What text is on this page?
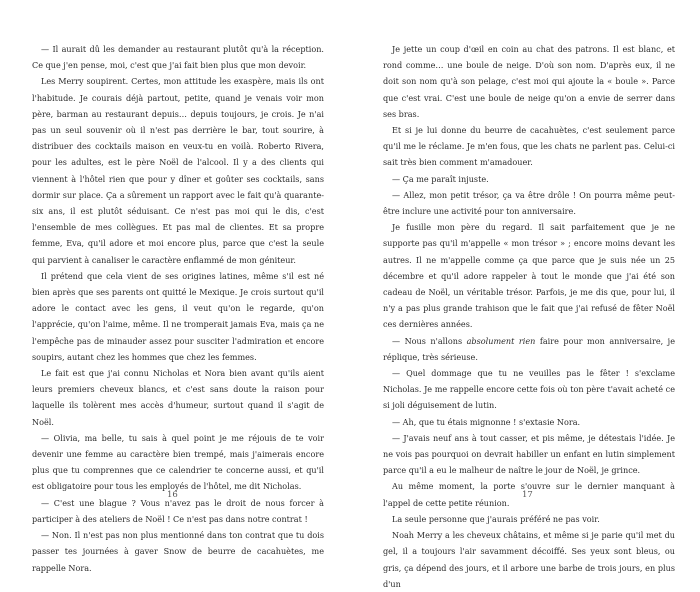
— Il aurait dû les demander au restaurant plutôt qu'à la réception. Ce que j'en pense, moi, c'est que j'ai fait bien plus que mon devoir.

Les Merry soupirent. Certes, mon attitude les exaspère, mais ils ont l'habitude. Je courais déjà partout, petite, quand je venais voir mon père, barman au restaurant depuis… depuis toujours, je crois. Je n'ai pas un seul souvenir où il n'est pas derrière le bar, tout sourire, à distribuer des cocktails maison en veux-tu en voilà. Roberto Rivera, pour les adultes, est le père Noël de l'alcool. Il y a des clients qui viennent à l'hôtel rien que pour y dîner et goûter ses cocktails, sans dormir sur place. Ça a sûrement un rapport avec le fait qu'à quarante-six ans, il est plutôt séduisant. Ce n'est pas moi qui le dis, c'est l'ensemble de mes collègues. Et pas mal de clientes. Et sa propre femme, Eva, qu'il adore et moi encore plus, parce que c'est la seule qui parvient à canaliser le caractère enflammé de mon géniteur.

Il prétend que cela vient de ses origines latines, même s'il est né bien après que ses parents ont quitté le Mexique. Je crois surtout qu'il adore le contact avec les gens, il veut qu'on le regarde, qu'on l'apprécie, qu'on l'aime, même. Il ne tromperait jamais Eva, mais ça ne l'empêche pas de minauder assez pour susciter l'admiration et encore soupirs, autant chez les hommes que chez les femmes.

Le fait est que j'ai connu Nicholas et Nora bien avant qu'ils aient leurs premiers cheveux blancs, et c'est sans doute la raison pour laquelle ils tolèrent mes accès d'humeur, surtout quand il s'agit de Noël.

— Olivia, ma belle, tu sais à quel point je me réjouis de te voir devenir une femme au caractère bien trempé, mais j'aimerais encore plus que tu comprennes que ce calendrier te concerne aussi, et qu'il est obligatoire pour tous les employés de l'hôtel, me dit Nicholas.

— C'est une blague ? Vous n'avez pas le droit de nous forcer à participer à des ateliers de Noël ! Ce n'est pas dans notre contrat !

— Non. Il n'est pas non plus mentionné dans ton contrat que tu dois passer tes journées à gaver Snow de beurre de cacahuètes, me rappelle Nora.

Je jette un coup d'œil en coin au chat des patrons. Il est blanc, et rond comme… une boule de neige. D'où son nom. D'après eux, il ne doit son nom qu'à son pelage, c'est moi qui ajoute la « boule ». Parce que c'est vrai. C'est une boule de neige qu'on a envie de serrer dans ses bras.

Et si je lui donne du beurre de cacahuètes, c'est seulement parce qu'il me le réclame. Je m'en fous, que les chats ne parlent pas. Celui-ci sait très bien comment m'amadouer.

— Ça me paraît injuste.

— Allez, mon petit trésor, ça va être drôle ! On pourra même peut-être inclure une activité pour ton anniversaire.

Je fusille mon père du regard. Il sait parfaitement que je ne supporte pas qu'il m'appelle « mon trésor » ; encore moins devant les autres. Il ne m'appelle comme ça que parce que je suis née un 25 décembre et qu'il adore rappeler à tout le monde que j'ai été son cadeau de Noël, un véritable trésor. Parfois, je me dis que, pour lui, il n'y a pas plus grande trahison que le fait que j'ai refusé de fêter Noël ces dernières années.

— Nous n'allons absolument rien faire pour mon anniversaire, je réplique, très sérieuse.

— Quel dommage que tu ne veuilles pas le fêter ! s'exclame Nicholas. Je me rappelle encore cette fois où ton père t'avait acheté ce si joli déguisement de lutin.

— Ah, que tu étais mignonne ! s'extasie Nora.

— J'avais neuf ans à tout casser, et pis même, je détestais l'idée. Je ne vois pas pourquoi on devrait habiller un enfant en lutin simplement parce qu'il a eu le malheur de naître le jour de Noël, je grince.

Au même moment, la porte s'ouvre sur le dernier manquant à l'appel de cette petite réunion.

La seule personne que j'aurais préféré ne pas voir.

Noah Merry a les cheveux châtains, et même si je parie qu'il met du gel, il a toujours l'air savamment décoiffé. Ses yeux sont bleus, ou gris, ça dépend des jours, et il arbore une barbe de trois jours, en plus d'un

16	17
